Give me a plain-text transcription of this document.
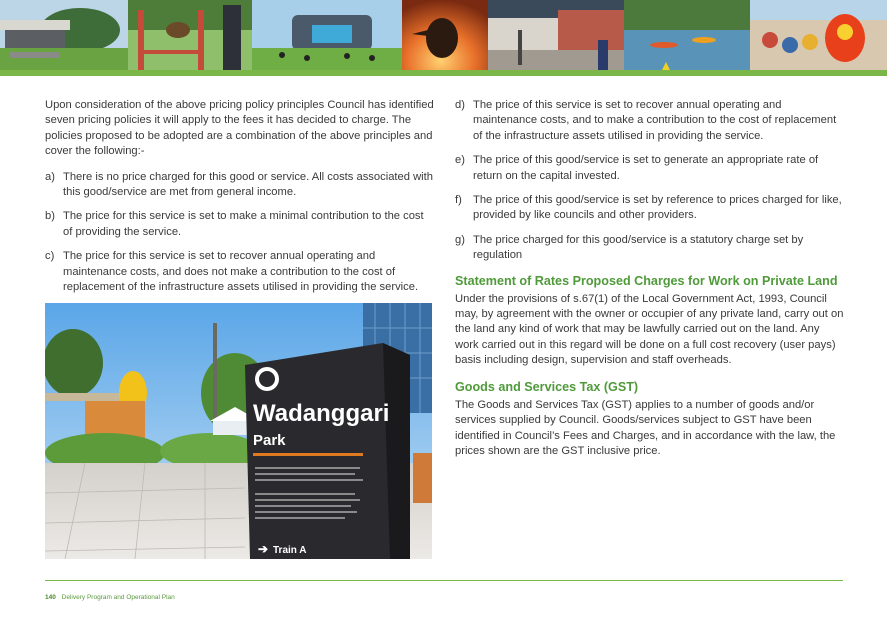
Upon consideration of the above pricing policy principles Council has identified seven pricing policies it will apply to the fees it has decided to charge. The policies proposed to be adopted are a combination of the above principles and cover the following:-

a) There is no price charged for this good or service. All costs associated with this good/service are met from general income.
b) The price for this service is set to make a minimal contribution to the cost of providing the service.
c) The price for this service is set to recover annual operating and maintenance costs, and does not make a contribution to the cost of replacement of the infrastructure assets utilised in providing the service.
Wadanggari
Park
➔ Train A
d) The price of this service is set to recover annual operating and maintenance costs, and to make a contribution to the cost of replacement of the infrastructure assets utilised in providing the service.
e) The price of this good/service is set to generate an appropriate rate of return on the capital invested.
f) The price of this good/service is set by reference to prices charged for like, provided by like councils and other providers.
g) The price charged for this good/service is a statutory charge set by regulation
Statement of Rates Proposed Charges for Work on Private Land

Under the provisions of s.67(1) of the Local Government Act, 1993, Council may, by agreement with the owner or occupier of any private land, carry out on the land any kind of work that may be lawfully carried out on the land. Any work carried out in this regard will be done on a full cost recovery (user pays) basis including design, supervision and staff overheads.

Goods and Services Tax (GST)

The Goods and Services Tax (GST) applies to a number of goods and/or services supplied by Council. Goods/services subject to GST have been identified in Council’s Fees and Charges, and in accordance with the law, the prices shown are the GST inclusive price.

140 Delivery Program and Operational Plan
